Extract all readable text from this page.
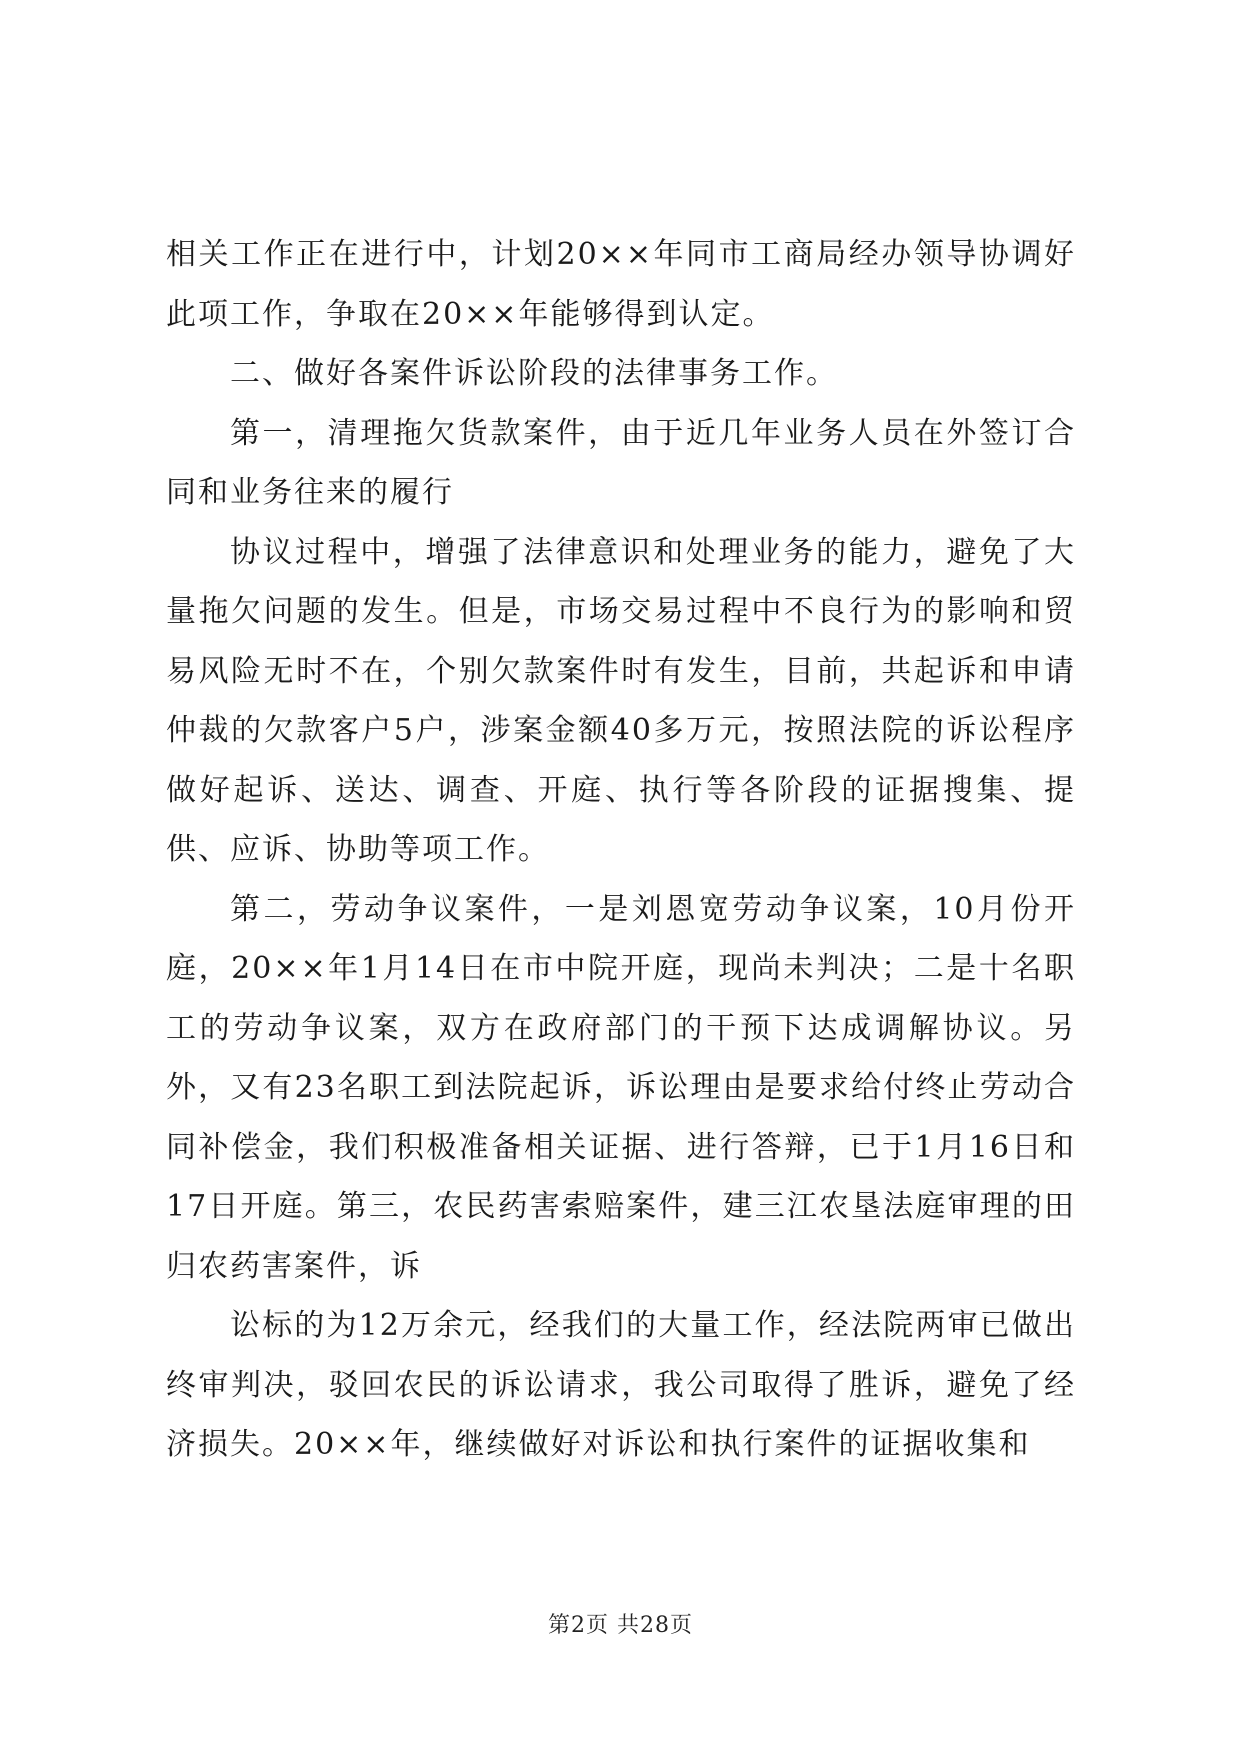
相关工作正在进行中，计划20××年同市工商局经办领导协调好此项工作，争取在20××年能够得到认定。

二、做好各案件诉讼阶段的法律事务工作。

第一，清理拖欠货款案件，由于近几年业务人员在外签订合同和业务往来的履行

协议过程中，增强了法律意识和处理业务的能力，避免了大量拖欠问题的发生。但是，市场交易过程中不良行为的影响和贸易风险无时不在，个别欠款案件时有发生，目前，共起诉和申请仲裁的欠款客户5户，涉案金额40多万元，按照法院的诉讼程序做好起诉、送达、调查、开庭、执行等各阶段的证据搜集、提供、应诉、协助等项工作。

第二，劳动争议案件，一是刘恩宽劳动争议案，10月份开庭，20××年1月14日在市中院开庭，现尚未判决；二是十名职工的劳动争议案，双方在政府部门的干预下达成调解协议。另外，又有23名职工到法院起诉，诉讼理由是要求给付终止劳动合同补偿金，我们积极准备相关证据、进行答辩，已于1月16日和17日开庭。第三，农民药害索赔案件，建三江农垦法庭审理的田归农药害案件，诉

讼标的为12万余元，经我们的大量工作，经法院两审已做出终审判决，驳回农民的诉讼请求，我公司取得了胜诉，避免了经济损失。20××年，继续做好对诉讼和执行案件的证据收集和

第2页 共28页
